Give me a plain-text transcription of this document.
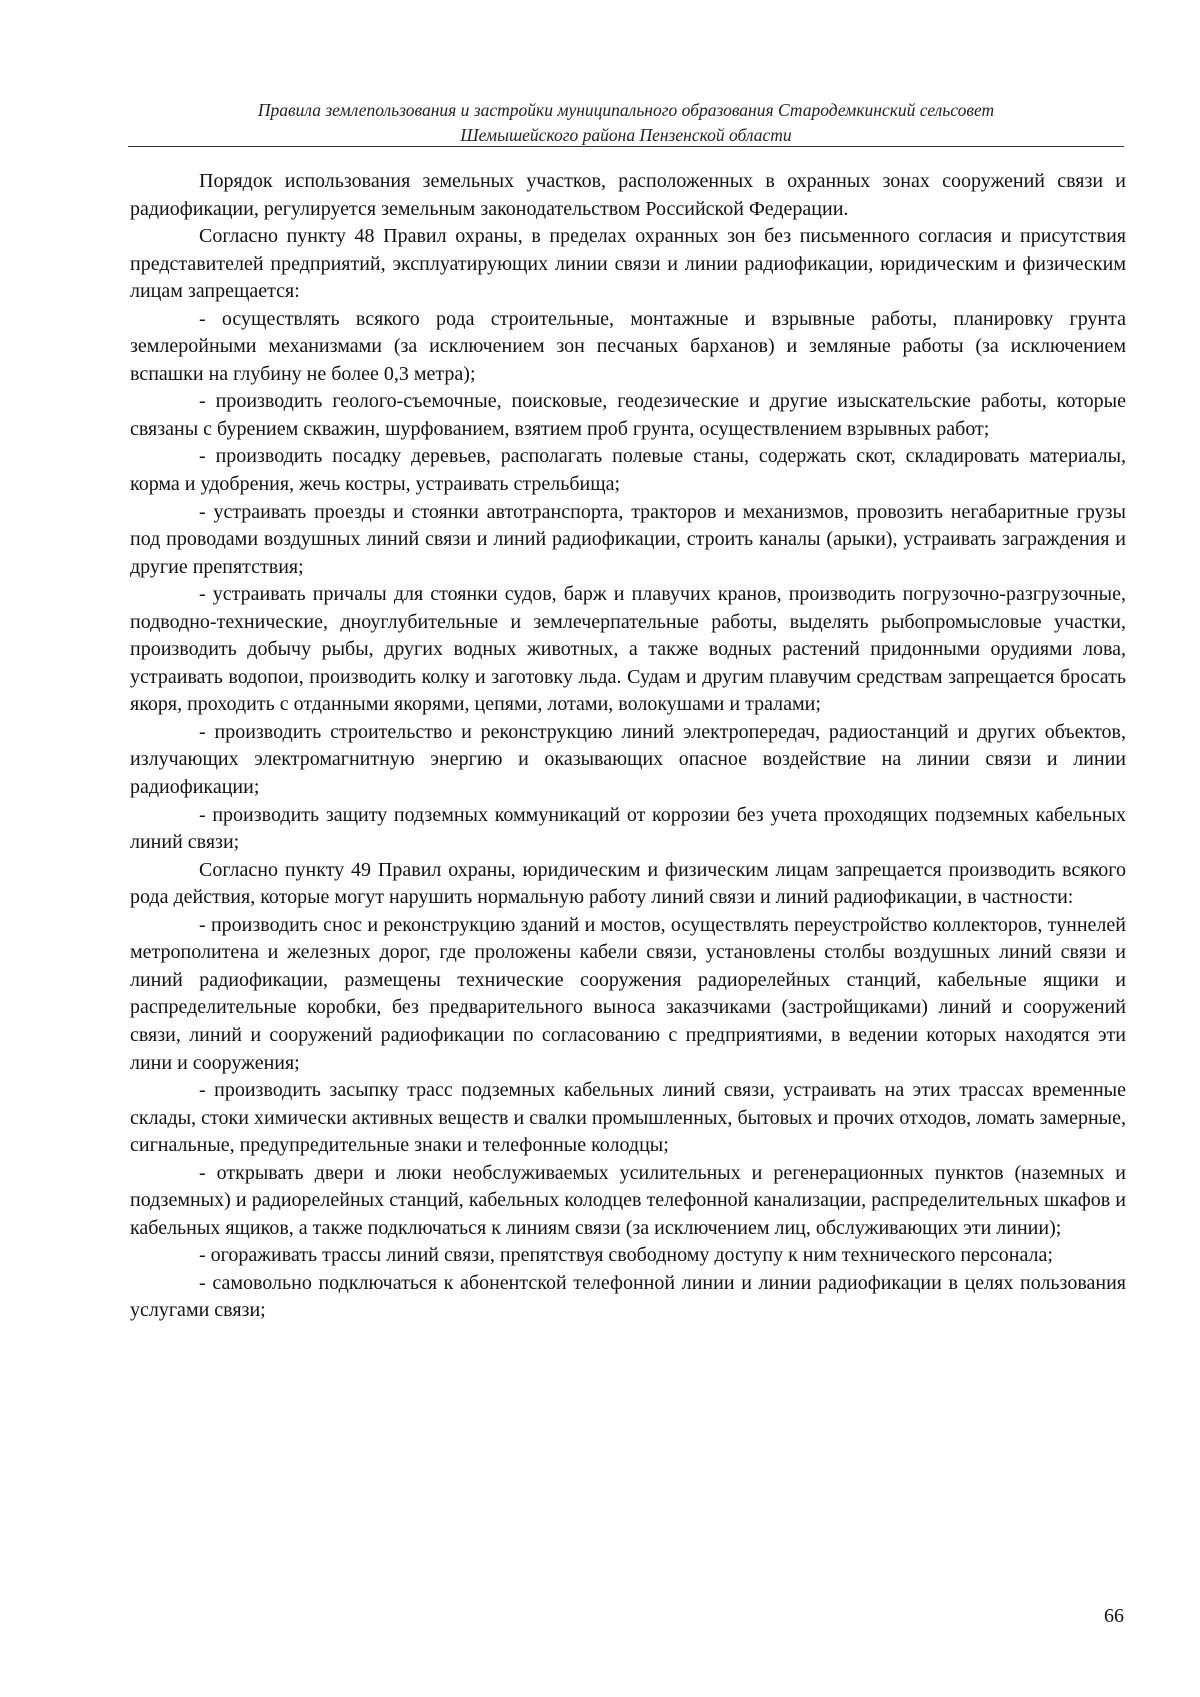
Правила землепользования и застройки муниципального образования Стародемкинский сельсовет
Шемышейского района Пензенской области

Порядок использования земельных участков, расположенных в охранных зонах сооружений связи и радиофикации, регулируется земельным законодательством Российской Федерации.

Согласно пункту 48 Правил охраны, в пределах охранных зон без письменного согласия и присутствия представителей предприятий, эксплуатирующих линии связи и линии радиофикации, юридическим и физическим лицам запрещается:

- осуществлять всякого рода строительные, монтажные и взрывные работы, планировку грунта землеройными механизмами (за исключением зон песчаных барханов) и земляные работы (за исключением вспашки на глубину не более 0,3 метра);

- производить геолого-съемочные, поисковые, геодезические и другие изыскательские работы, которые связаны с бурением скважин, шурфованием, взятием проб грунта, осуществлением взрывных работ;

- производить посадку деревьев, располагать полевые станы, содержать скот, складировать материалы, корма и удобрения, жечь костры, устраивать стрельбища;

- устраивать проезды и стоянки автотранспорта, тракторов и механизмов, провозить негабаритные грузы под проводами воздушных линий связи и линий радиофикации, строить каналы (арыки), устраивать заграждения и другие препятствия;

- устраивать причалы для стоянки судов, барж и плавучих кранов, производить погрузочно-разгрузочные, подводно-технические, дноуглубительные и землечерпательные работы, выделять рыбопромысловые участки, производить добычу рыбы, других водных животных, а также водных растений придонными орудиями лова, устраивать водопои, производить колку и заготовку льда. Судам и другим плавучим средствам запрещается бросать якоря, проходить с отданными якорями, цепями, лотами, волокушами и тралами;

- производить строительство и реконструкцию линий электропередач, радиостанций и других объектов, излучающих электромагнитную энергию и оказывающих опасное воздействие на линии связи и линии радиофикации;

- производить защиту подземных коммуникаций от коррозии без учета проходящих подземных кабельных линий связи;

Согласно пункту 49 Правил охраны, юридическим и физическим лицам запрещается производить всякого рода действия, которые могут нарушить нормальную работу линий связи и линий радиофикации, в частности:

- производить снос и реконструкцию зданий и мостов, осуществлять переустройство коллекторов, туннелей метрополитена и железных дорог, где проложены кабели связи, установлены столбы воздушных линий связи и линий радиофикации, размещены технические сооружения радиорелейных станций, кабельные ящики и распределительные коробки, без предварительного выноса заказчиками (застройщиками) линий и сооружений связи, линий и сооружений радиофикации по согласованию с предприятиями, в ведении которых находятся эти лини и сооружения;

- производить засыпку трасс подземных кабельных линий связи, устраивать на этих трассах временные склады, стоки химически активных веществ и свалки промышленных, бытовых и прочих отходов, ломать замерные, сигнальные, предупредительные знаки и телефонные колодцы;

- открывать двери и люки необслуживаемых усилительных и регенерационных пунктов (наземных и подземных) и радиорелейных станций, кабельных колодцев телефонной канализации, распределительных шкафов и кабельных ящиков, а также подключаться к линиям связи (за исключением лиц, обслуживающих эти линии);

- огораживать трассы линий связи, препятствуя свободному доступу к ним технического персонала;

- самовольно подключаться к абонентской телефонной линии и линии радиофикации в целях пользования услугами связи;

66
